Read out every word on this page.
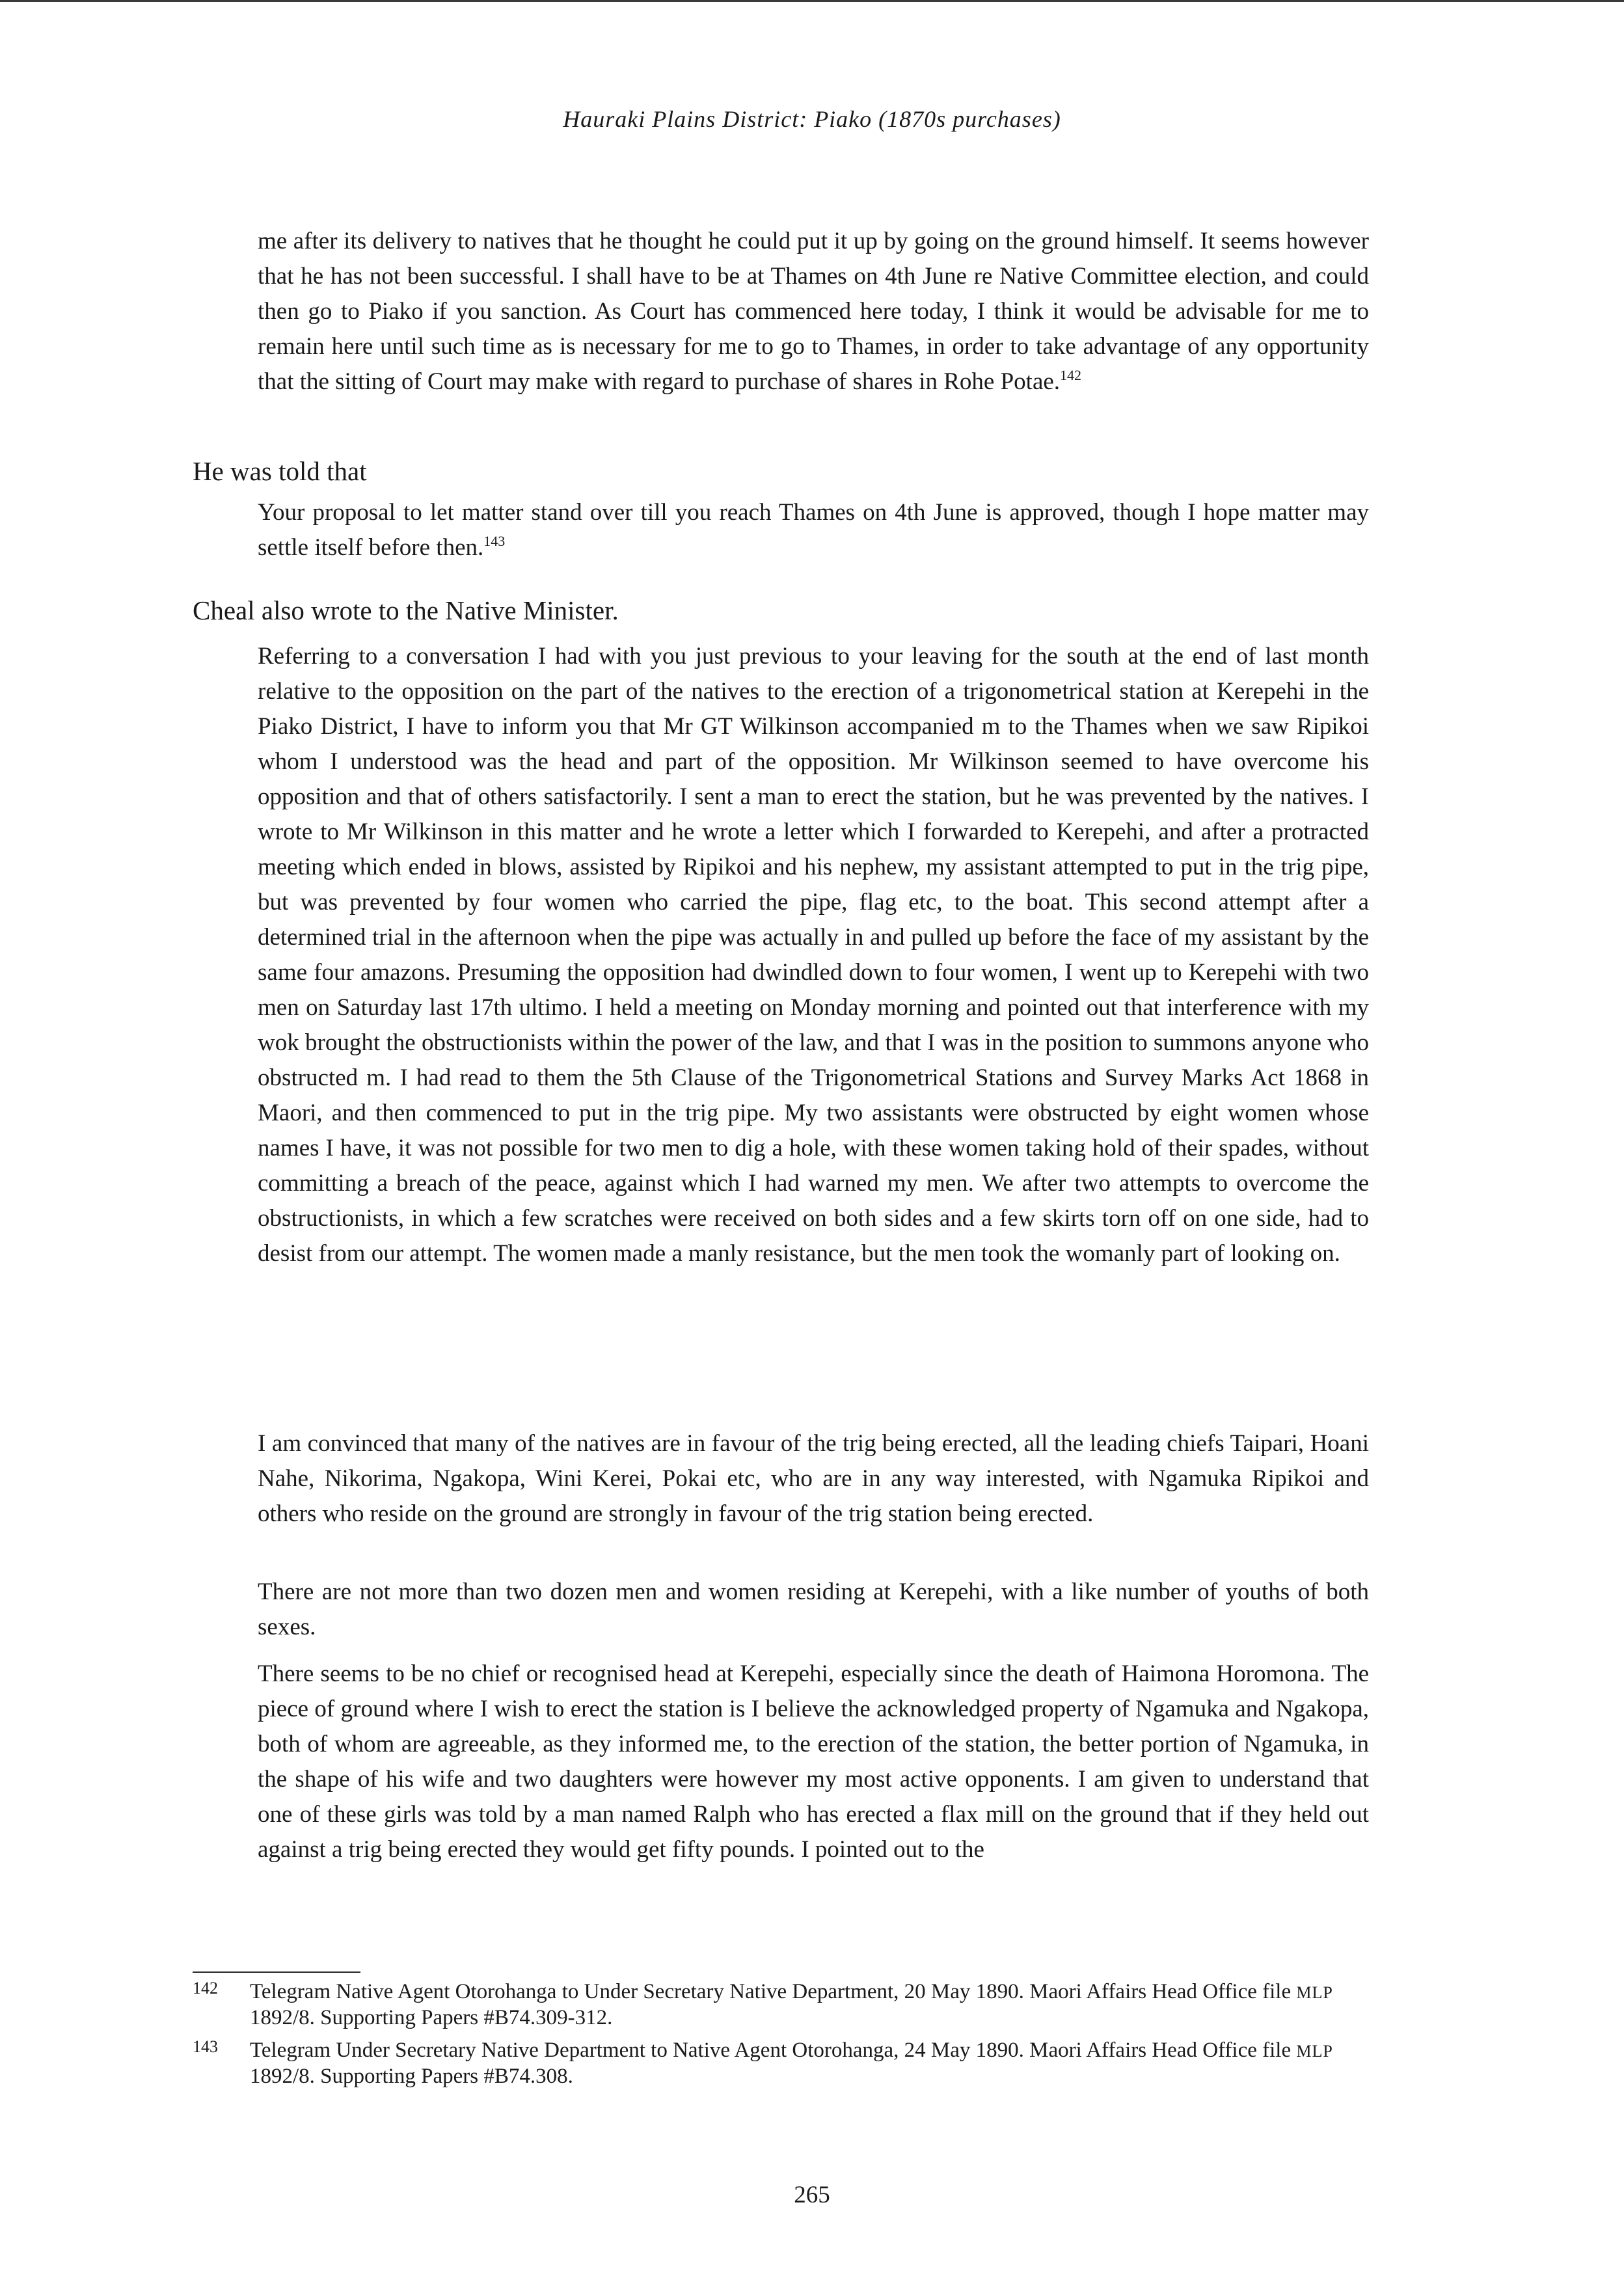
Hauraki Plains District: Piako (1870s purchases)

me after its delivery to natives that he thought he could put it up by going on the ground himself. It seems however that he has not been successful. I shall have to be at Thames on 4th June re Native Committee election, and could then go to Piako if you sanction. As Court has commenced here today, I think it would be advisable for me to remain here until such time as is necessary for me to go to Thames, in order to take advantage of any opportunity that the sitting of Court may make with regard to purchase of shares in Rohe Potae.$^{142}$

He was told that

Your proposal to let matter stand over till you reach Thames on 4th June is approved, though I hope matter may settle itself before then.$^{143}$

Cheal also wrote to the Native Minister.

Referring to a conversation I had with you just previous to your leaving for the south at the end of last month relative to the opposition on the part of the natives to the erection of a trigonometrical station at Kerepehi in the Piako District, I have to inform you that Mr GT Wilkinson accompanied m to the Thames when we saw Ripikoi whom I understood was the head and part of the opposition. Mr Wilkinson seemed to have overcome his opposition and that of others satisfactorily. I sent a man to erect the station, but he was prevented by the natives. I wrote to Mr Wilkinson in this matter and he wrote a letter which I forwarded to Kerepehi, and after a protracted meeting which ended in blows, assisted by Ripikoi and his nephew, my assistant attempted to put in the trig pipe, but was prevented by four women who carried the pipe, flag etc, to the boat. This second attempt after a determined trial in the afternoon when the pipe was actually in and pulled up before the face of my assistant by the same four amazons. Presuming the opposition had dwindled down to four women, I went up to Kerepehi with two men on Saturday last 17th ultimo. I held a meeting on Monday morning and pointed out that interference with my wok brought the obstructionists within the power of the law, and that I was in the position to summons anyone who obstructed m. I had read to them the 5th Clause of the Trigonometrical Stations and Survey Marks Act 1868 in Maori, and then commenced to put in the trig pipe. My two assistants were obstructed by eight women whose names I have, it was not possible for two men to dig a hole, with these women taking hold of their spades, without committing a breach of the peace, against which I had warned my men. We after two attempts to overcome the obstructionists, in which a few scratches were received on both sides and a few skirts torn off on one side, had to desist from our attempt. The women made a manly resistance, but the men took the womanly part of looking on.

I am convinced that many of the natives are in favour of the trig being erected, all the leading chiefs Taipari, Hoani Nahe, Nikorima, Ngakopa, Wini Kerei, Pokai etc, who are in any way interested, with Ngamuka Ripikoi and others who reside on the ground are strongly in favour of the trig station being erected.

There are not more than two dozen men and women residing at Kerepehi, with a like number of youths of both sexes.

There seems to be no chief or recognised head at Kerepehi, especially since the death of Haimona Horomona. The piece of ground where I wish to erect the station is I believe the acknowledged property of Ngamuka and Ngakopa, both of whom are agreeable, as they informed me, to the erection of the station, the better portion of Ngamuka, in the shape of his wife and two daughters were however my most active opponents. I am given to understand that one of these girls was told by a man named Ralph who has erected a flax mill on the ground that if they held out against a trig being erected they would get fifty pounds. I pointed out to the

142 Telegram Native Agent Otorohanga to Under Secretary Native Department, 20 May 1890. Maori Affairs Head Office file MLP 1892/8. Supporting Papers #B74.309-312.
143 Telegram Under Secretary Native Department to Native Agent Otorohanga, 24 May 1890. Maori Affairs Head Office file MLP 1892/8. Supporting Papers #B74.308.
265
